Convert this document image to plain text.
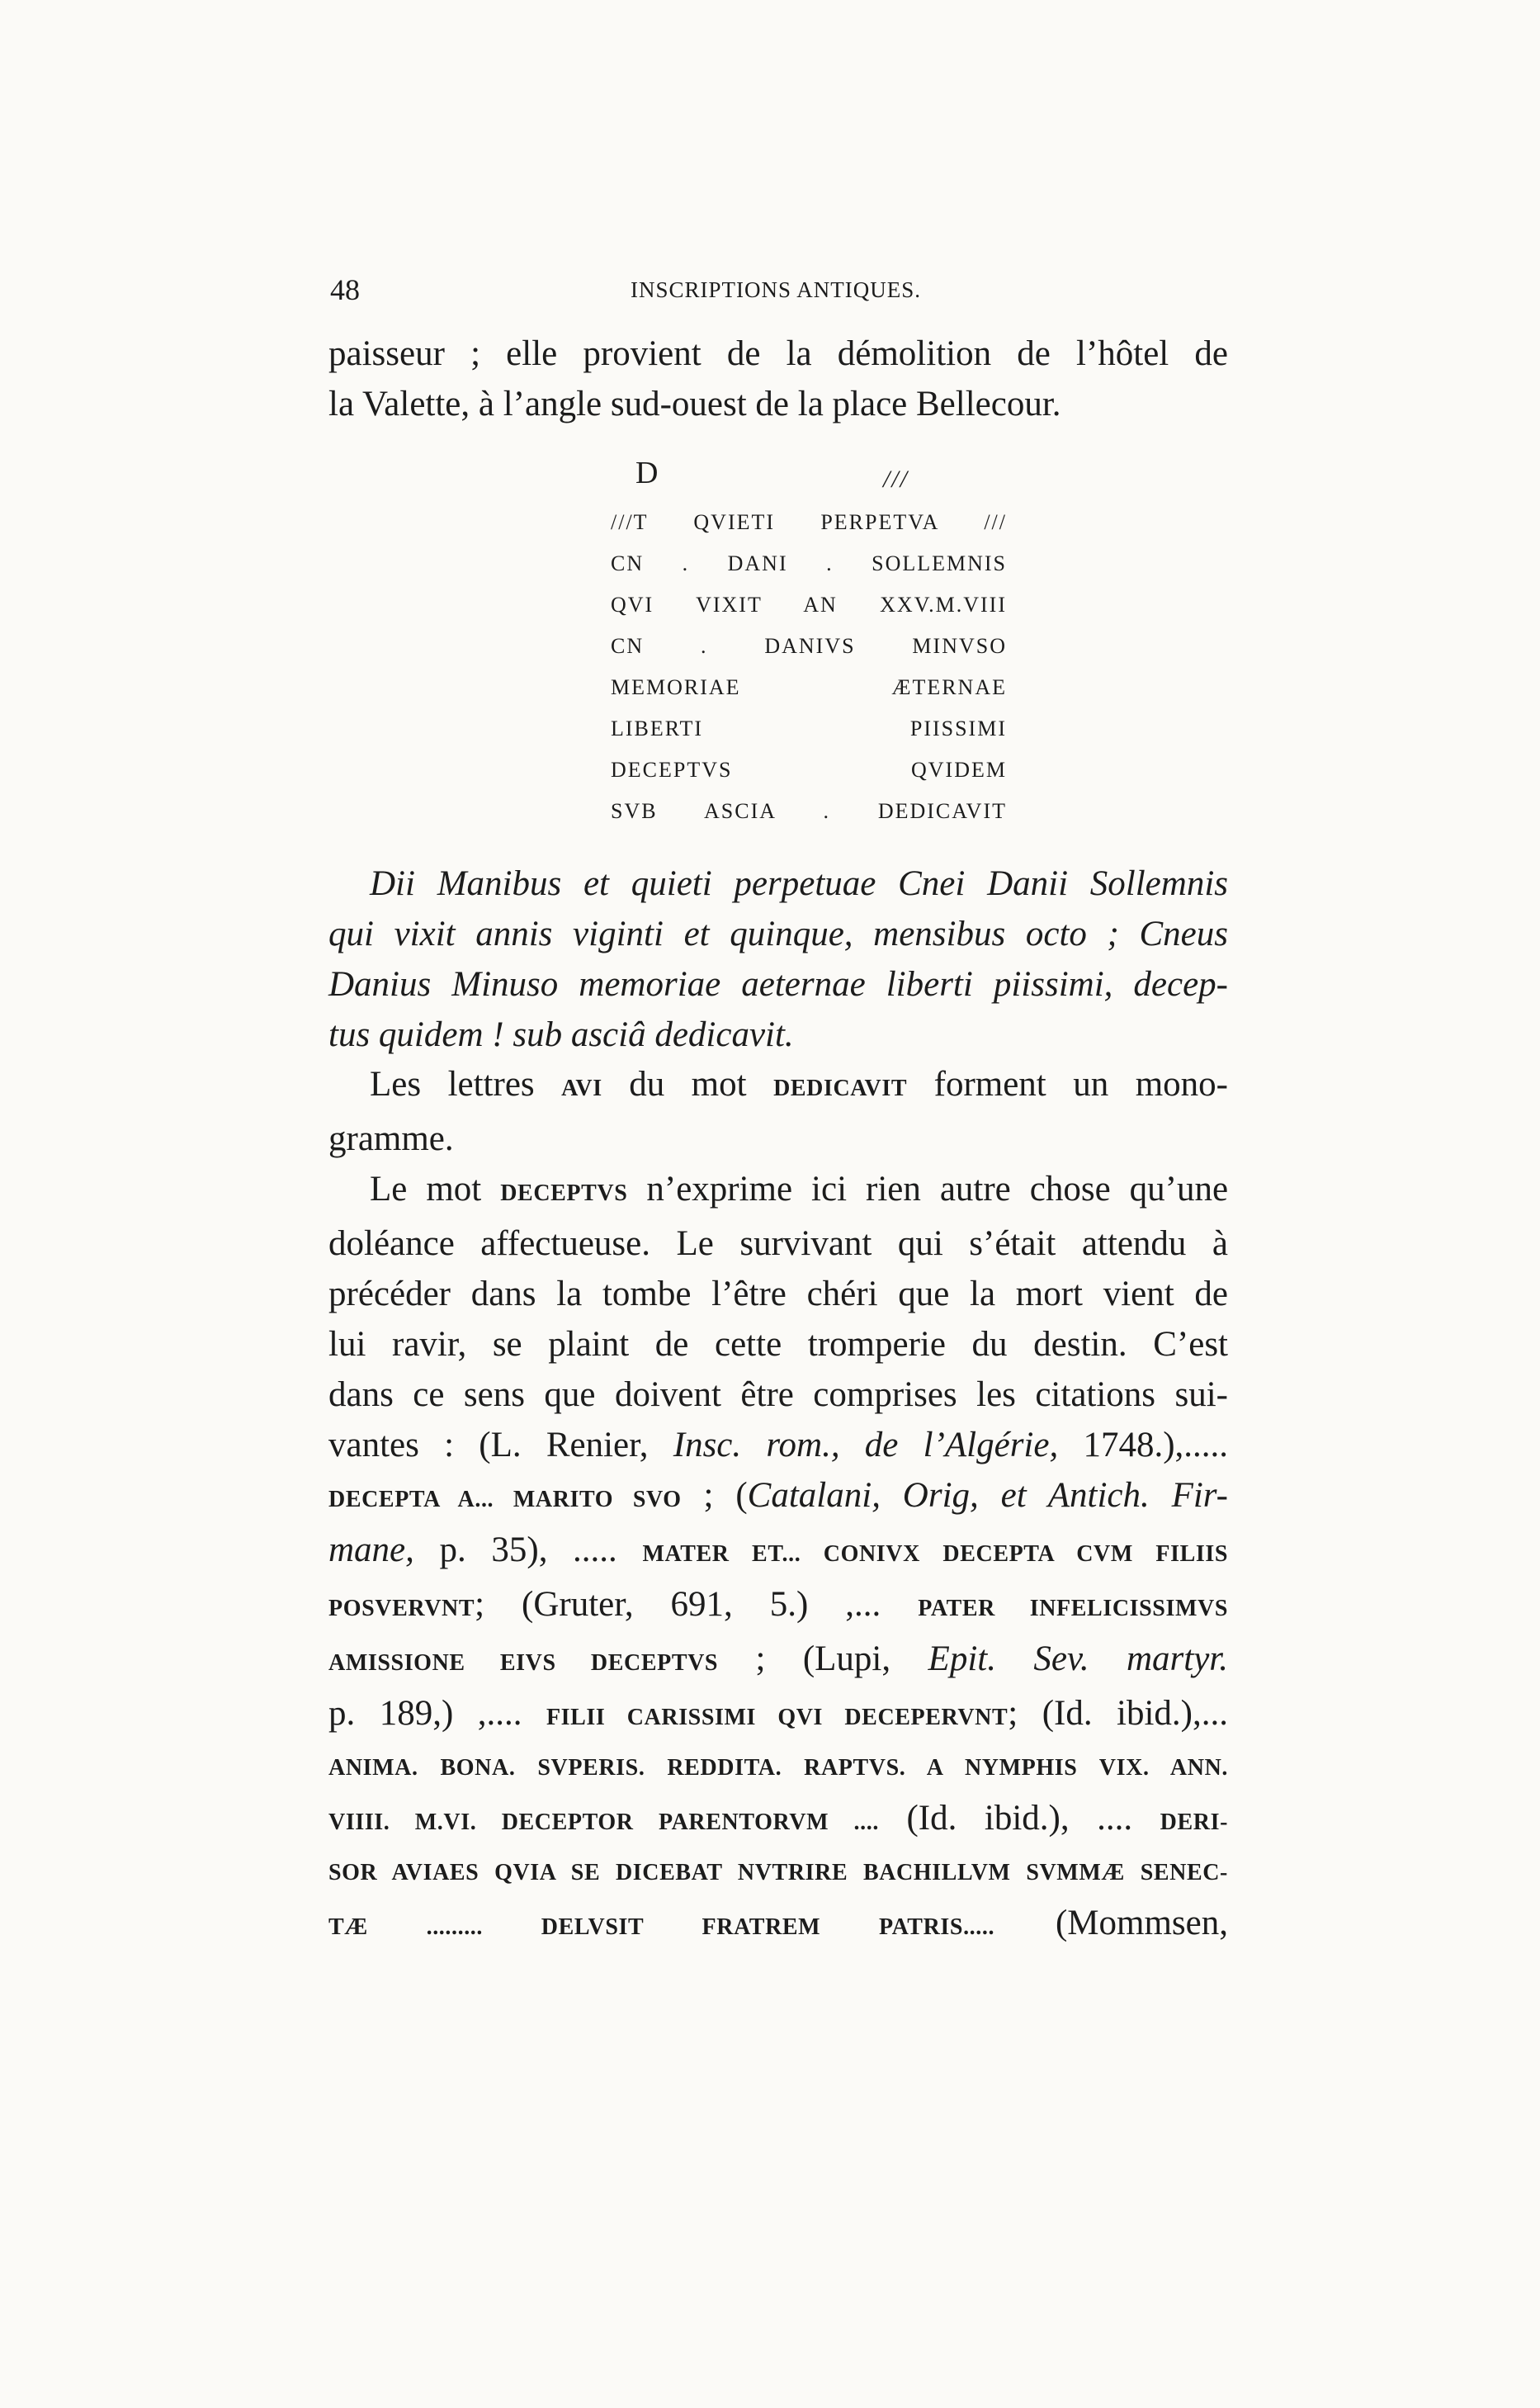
48	INSCRIPTIONS ANTIQUES.
paisseur ; elle provient de la démolition de l’hôtel de
la Valette, à l’angle sud-ouest de la place Bellecour.
D	///
///T QVIETI PERPETVA ///
CN . DANI . SOLLEMNIS
QVI VIXIT AN XXV.M.VIII
CN . DANIVS MINVSO
MEMORIAE ÆTERNAE
LIBERTI PIISSIMI
DECEPTVS QVIDEM
SVB ASCIA . DEDICAVIT
Dii Manibus et quieti perpetuae Cnei Danii Sollemnis
qui vixit annis viginti et quinque, mensibus octo ; Cneus
Danius Minuso memoriae aeternae liberti piissimi, decep-
tus quidem ! sub asciâ dedicavit.
Les lettres AVI du mot DEDICAVIT forment un mono-
gramme.
Le mot DECEPTVS n’exprime ici rien autre chose qu’une
doléance affectueuse. Le survivant qui s’était attendu à
précéder dans la tombe l’être chéri que la mort vient de
lui ravir, se plaint de cette tromperie du destin. C’est
dans ce sens que doivent être comprises les citations sui-
vantes : (L. Renier, Insc. rom., de l’Algérie, 1748.),.....
DECEPTA A... MARITO SVO ; (Catalani, Orig, et Antich. Fir-
mane, p. 35), ..... MATER ET... CONIVX DECEPTA CVM FILIIS
POSVERVNT; (Gruter, 691, 5.) ,... PATER INFELICISSIMVS
AMISSIONE EIVS DECEPTVS ; (Lupi, Epit. Sev. martyr.
p. 189,) ,.... FILII CARISSIMI QVI DECEPERVNT; (Id. ibid.),...
ANIMA. BONA. SVPERIS. REDDITA. RAPTVS. A NYMPHIS VIX. ANN.
VIIII. M.VI. DECEPTOR PARENTORVM .... (Id. ibid.), .... DERI-
SOR AVIAES QVIA SE DICEBAT NVTRIRE BACHILLVM SVMMÆ SENEC-
TÆ ......... DELVSIT FRATREM PATRIS..... (Mommsen,
